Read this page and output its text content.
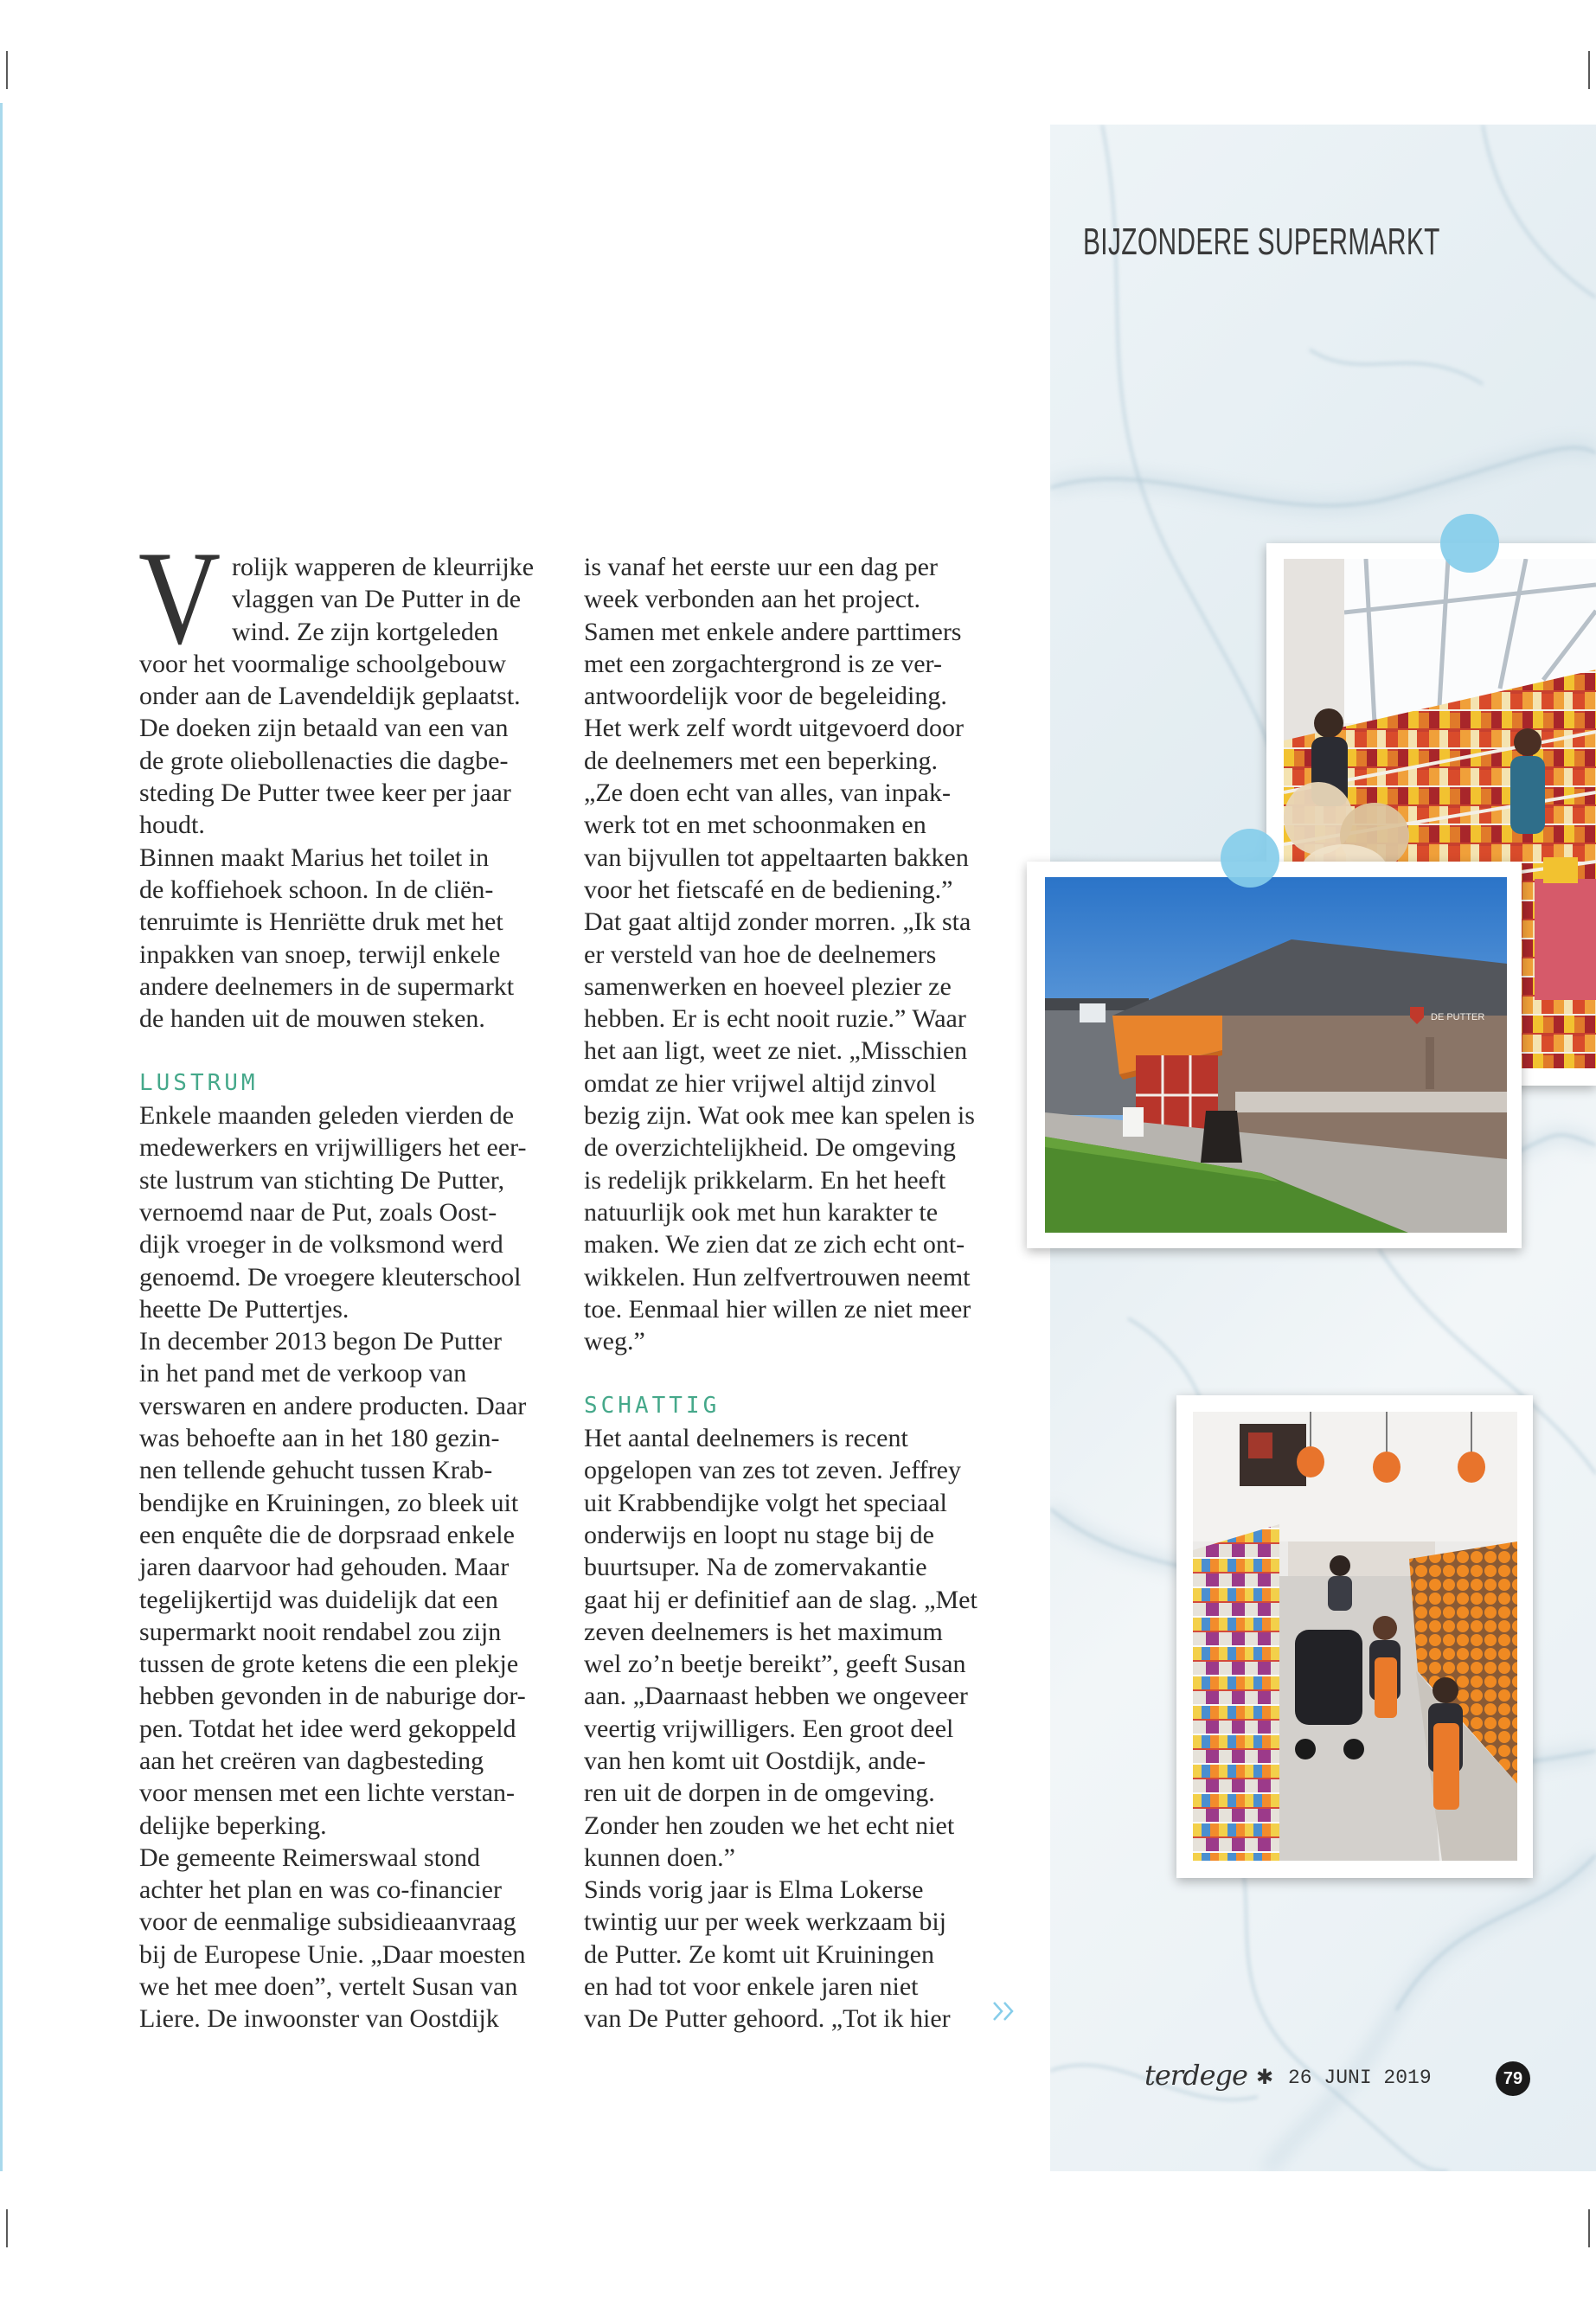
BIJZONDERE SUPERMARKT
V rolijk wapperen de kleurrijke
vlaggen van De Putter in de
wind. Ze zijn kortgeleden
voor het voormalige schoolgebouw
onder aan de Lavendeldijk geplaatst.
De doeken zijn betaald van een van
de grote oliebollenacties die dagbe-
steding De Putter twee keer per jaar
houdt.
Binnen maakt Marius het toilet in
de koffiehoek schoon. In de cliën-
tenruimte is Henriëtte druk met het
inpakken van snoep, terwijl enkele
andere deelnemers in de supermarkt
de handen uit de mouwen steken.
LUSTRUM
Enkele maanden geleden vierden de
medewerkers en vrijwilligers het eer-
ste lustrum van stichting De Putter,
vernoemd naar de Put, zoals Oost-
dijk vroeger in de volksmond werd
genoemd. De vroegere kleuterschool
heette De Puttertjes.
In december 2013 begon De Putter
in het pand met de verkoop van
verswaren en andere producten. Daar
was behoefte aan in het 180 gezin-
nen tellende gehucht tussen Krab-
bendijke en Kruiningen, zo bleek uit
een enquête die de dorpsraad enkele
jaren daarvoor had gehouden. Maar
tegelijkertijd was duidelijk dat een
supermarkt nooit rendabel zou zijn
tussen de grote ketens die een plekje
hebben gevonden in de naburige dor-
pen. Totdat het idee werd gekoppeld
aan het creëren van dagbesteding
voor mensen met een lichte verstan-
delijke beperking.
De gemeente Reimerswaal stond
achter het plan en was co-financier
voor de eenmalige subsidieaanvraag
bij de Europese Unie. „Daar moesten
we het mee doen”, vertelt Susan van
Liere. De inwoonster van Oostdijk
is vanaf het eerste uur een dag per
week verbonden aan het project.
Samen met enkele andere parttimers
met een zorgachtergrond is ze ver-
antwoordelijk voor de begeleiding.
Het werk zelf wordt uitgevoerd door
de deelnemers met een beperking.
„Ze doen echt van alles, van inpak-
werk tot en met schoonmaken en
van bijvullen tot appeltaarten bakken
voor het fietscafé en de bediening.”
Dat gaat altijd zonder morren. „Ik sta
er versteld van hoe de deelnemers
samenwerken en hoeveel plezier ze
hebben. Er is echt nooit ruzie.” Waar
het aan ligt, weet ze niet. „Misschien
omdat ze hier vrijwel altijd zinvol
bezig zijn. Wat ook mee kan spelen is
de overzichtelijkheid. De omgeving
is redelijk prikkelarm. En het heeft
natuurlijk ook met hun karakter te
maken. We zien dat ze zich echt ont-
wikkelen. Hun zelfvertrouwen neemt
toe. Eenmaal hier willen ze niet meer
weg.”
SCHATTIG
Het aantal deelnemers is recent
opgelopen van zes tot zeven. Jeffrey
uit Krabbendijke volgt het speciaal
onderwijs en loopt nu stage bij de
buurtsuper. Na de zomervakantie
gaat hij er definitief aan de slag. „Met
zeven deelnemers is het maximum
wel zo’n beetje bereikt”, geeft Susan
aan. „Daarnaast hebben we ongeveer
veertig vrijwilligers. Een groot deel
van hen komt uit Oostdijk, ande-
ren uit de dorpen in de omgeving.
Zonder hen zouden we het echt niet
kunnen doen.”
Sinds vorig jaar is Elma Lokerse
twintig uur per week werkzaam bij
de Putter. Ze komt uit Kruiningen
en had tot voor enkele jaren niet
van De Putter gehoord. „Tot ik hier
DE PUTTER
terdege ✱ 26 JUNI 2019	79
